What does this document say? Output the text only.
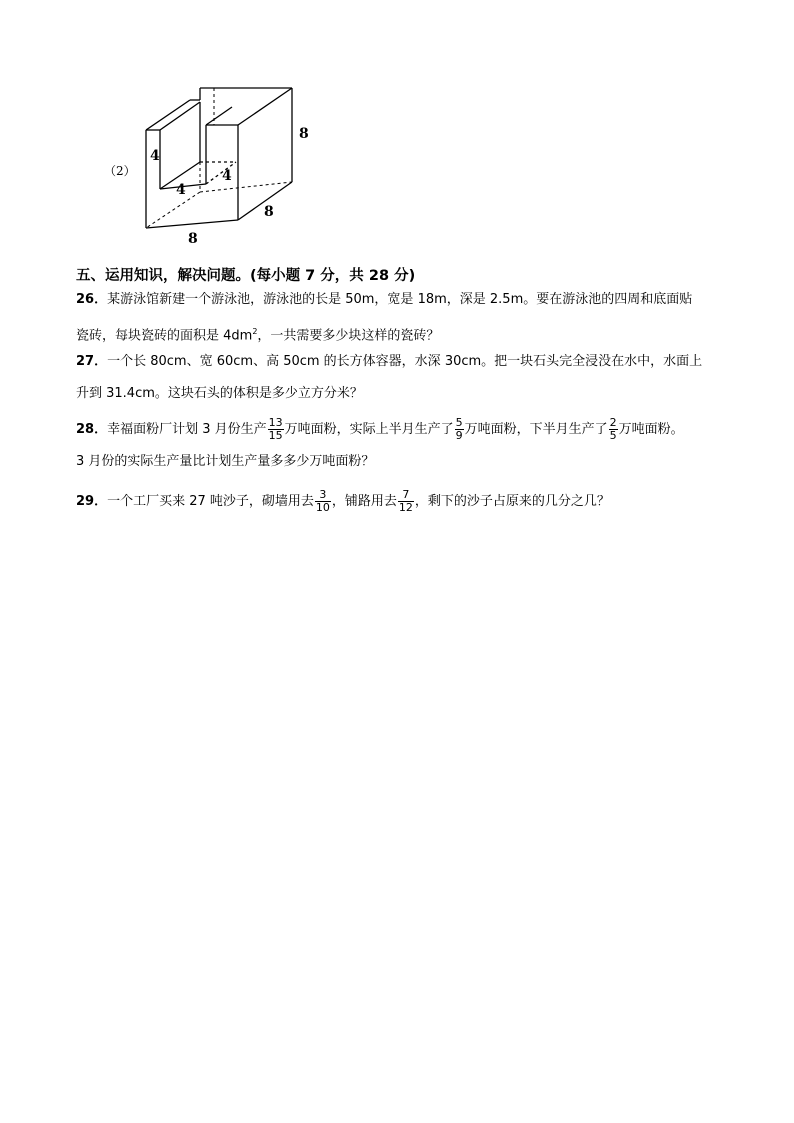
4
4
4
8
8
8
（2）
五、运用知识，解决问题。(每小题 7 分，共 28 分)
26．某游泳馆新建一个游泳池，游泳池的长是 50m，宽是 18m，深是 2.5m。要在游泳池的四周和底面贴
瓷砖，每块瓷砖的面积是 $4dm^2$，一共需要多少块这样的瓷砖？
27．一个长 80cm、宽 60cm、高 50cm 的长方体容器，水深 30cm。把一块石头完全浸没在水中，水面上
升到 31.4cm。这块石头的体积是多少立方分米？
28．幸福面粉厂计划 3 月份生产 $\frac{13}{15}$ 万吨面粉，实际上半月生产了 $\frac{5}{9}$ 万吨面粉，下半月生产了 $\frac{2}{5}$ 万吨面粉。
3 月份的实际生产量比计划生产量多多少万吨面粉？
29．一个工厂买来 27 吨沙子，砌墙用去 $\frac{3}{10}$ ，铺路用去 $\frac{7}{12}$ ，剩下的沙子占原来的几分之几？
